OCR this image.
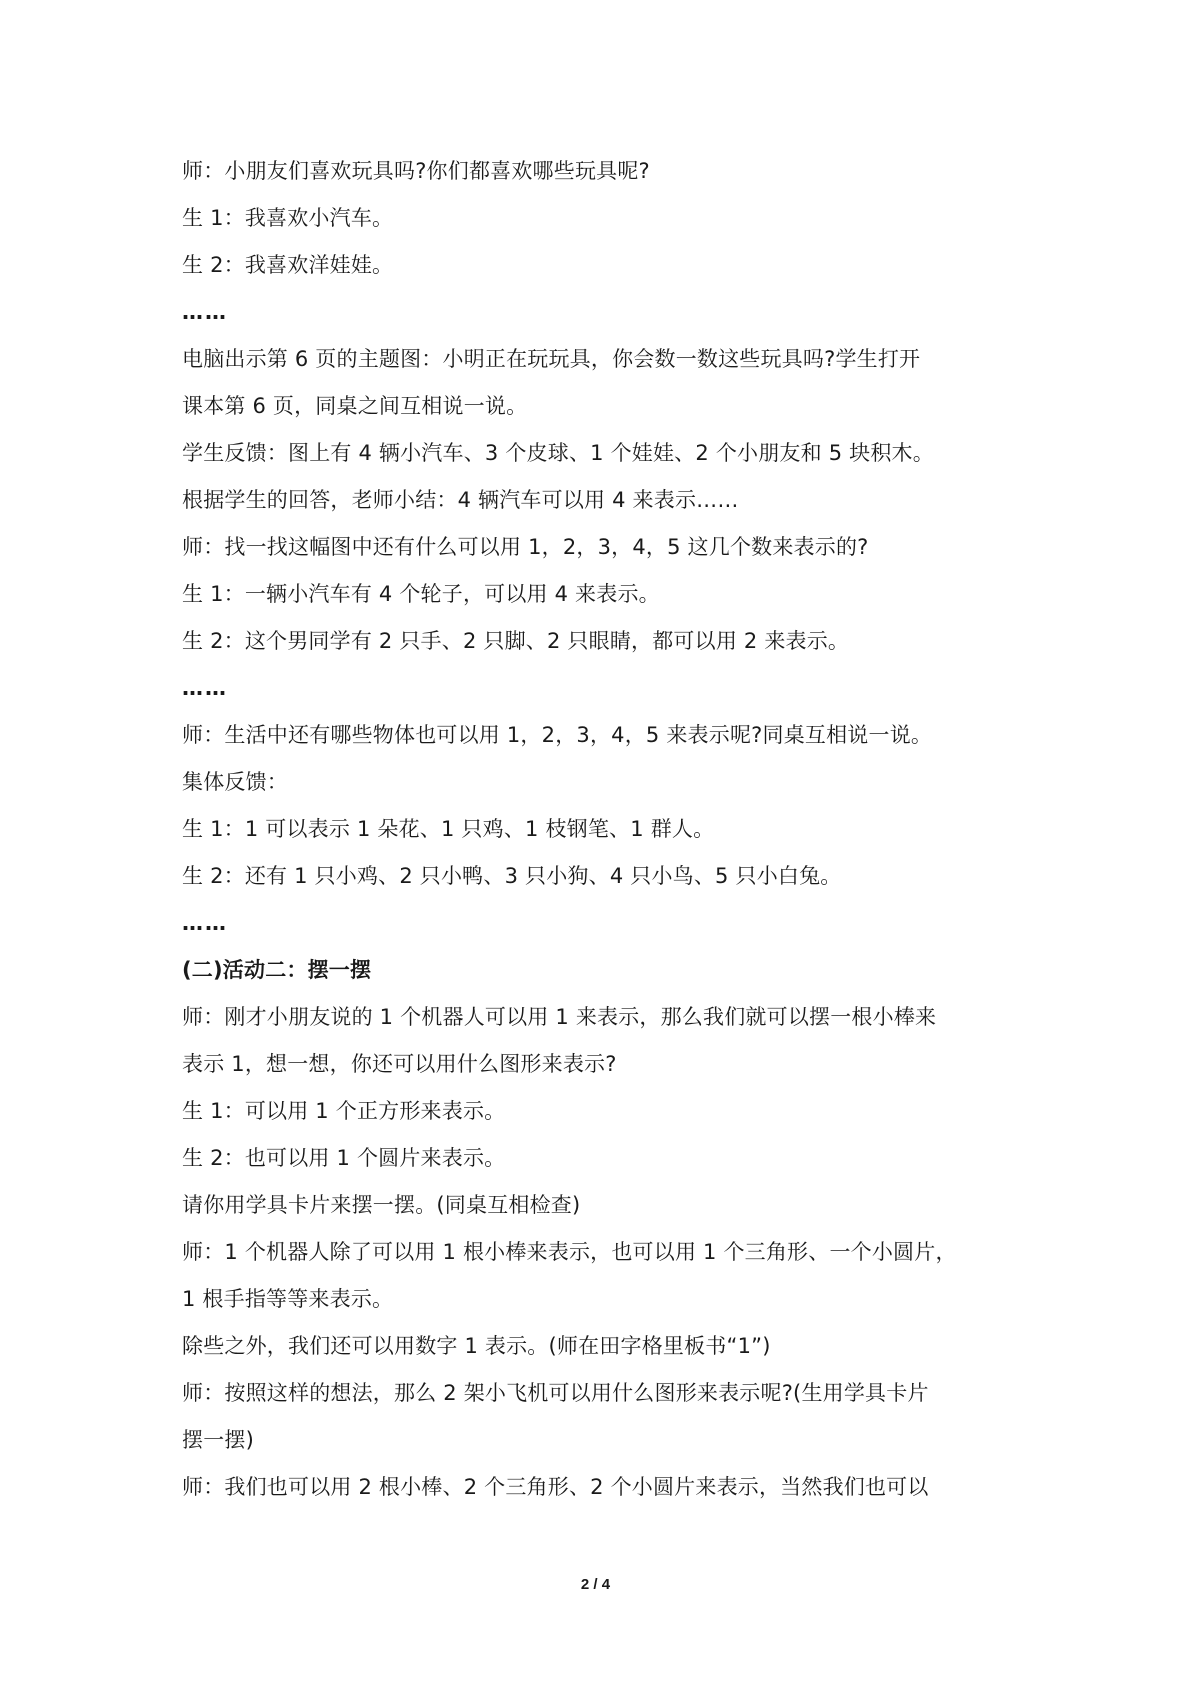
师：小朋友们喜欢玩具吗?你们都喜欢哪些玩具呢?
生 1：我喜欢小汽车。
生 2：我喜欢洋娃娃。
……
电脑出示第 6 页的主题图：小明正在玩玩具，你会数一数这些玩具吗?学生打开
课本第 6 页，同桌之间互相说一说。
学生反馈：图上有 4 辆小汽车、3 个皮球、1 个娃娃、2 个小朋友和 5 块积木。
根据学生的回答，老师小结：4 辆汽车可以用 4 来表示……
师：找一找这幅图中还有什么可以用 1，2，3，4，5 这几个数来表示的?
生 1：一辆小汽车有 4 个轮子，可以用 4 来表示。
生 2：这个男同学有 2 只手、2 只脚、2 只眼睛，都可以用 2 来表示。
……
师：生活中还有哪些物体也可以用 1，2，3，4，5 来表示呢?同桌互相说一说。
集体反馈：
生 1：1 可以表示 1 朵花、1 只鸡、1 枝钢笔、1 群人。
生 2：还有 1 只小鸡、2 只小鸭、3 只小狗、4 只小鸟、5 只小白兔。
……
(二)活动二：摆一摆
师：刚才小朋友说的 1 个机器人可以用 1 来表示，那么我们就可以摆一根小棒来
表示 1，想一想，你还可以用什么图形来表示?
生 1：可以用 1 个正方形来表示。
生 2：也可以用 1 个圆片来表示。
请你用学具卡片来摆一摆。(同桌互相检查)
师：1 个机器人除了可以用 1 根小棒来表示，也可以用 1 个三角形、一个小圆片，
1 根手指等等来表示。
除些之外，我们还可以用数字 1 表示。(师在田字格里板书“1”)
师：按照这样的想法，那么 2 架小飞机可以用什么图形来表示呢?(生用学具卡片
摆一摆)
师：我们也可以用 2 根小棒、2 个三角形、2 个小圆片来表示，当然我们也可以
2 / 4
